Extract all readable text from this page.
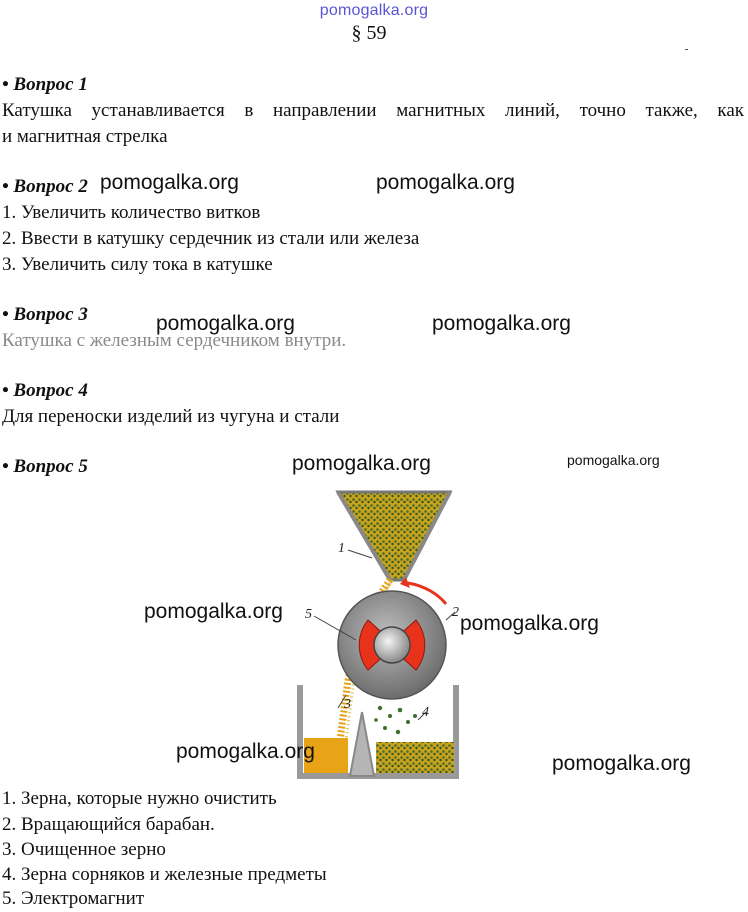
pomogalka.org
§ 59
• Вопрос 1
Катушка устанавливается в направлении магнитных линий, точно также, как
и магнитная стрелка
• Вопрос 2
1. Увеличить количество витков
2. Ввести в катушку сердечник из стали или железа
3. Увеличить силу тока в катушке
• Вопрос 3
Катушка с железным сердечником внутри.
• Вопрос 4
Для переноски изделий из чугуна и стали
• Вопрос 5
1
2
3
4
5
1. Зерна, которые нужно очистить
2. Вращающийся барабан.
3. Очищенное зерно
4. Зерна сорняков и железные предметы
5. Электромагнит
pomogalka.org	pomogalka.org
pomogalka.org	pomogalka.org
pomogalka.org	pomogalka.org
pomogalka.org
pomogalka.org
pomogalka.org
pomogalka.org
